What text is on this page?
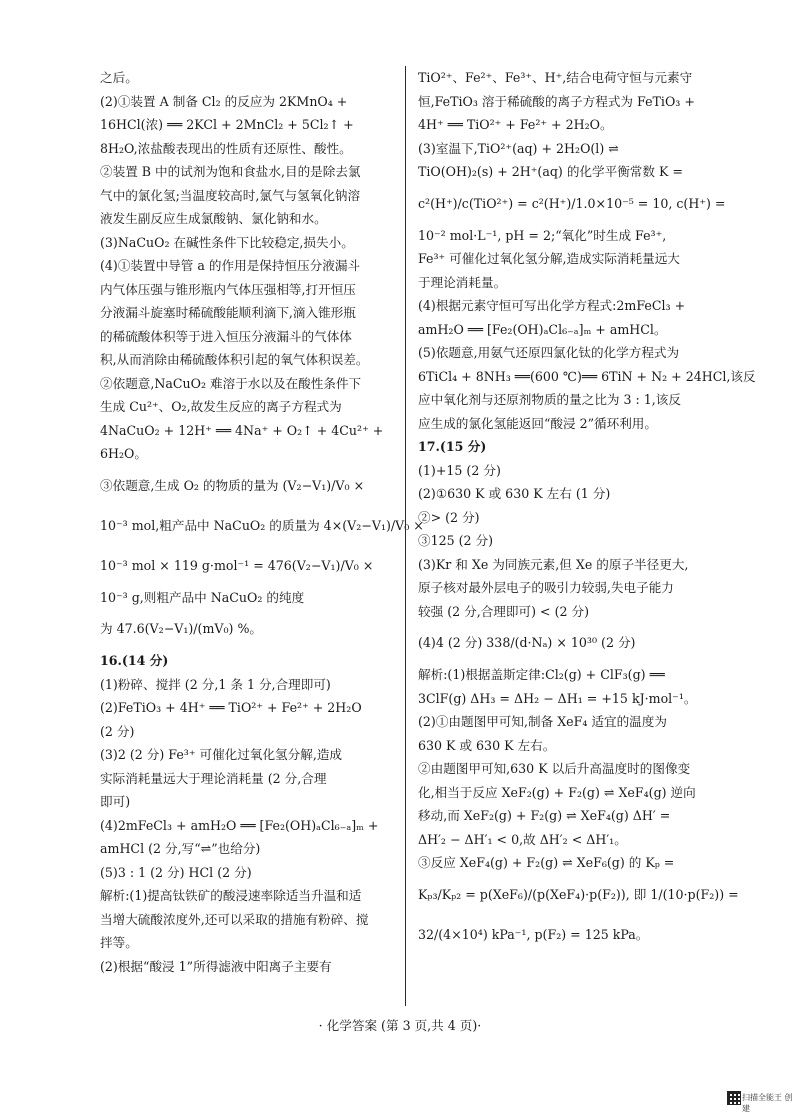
之后。
(2)①装置 A 制备 Cl₂ 的反应为 2KMnO₄ +
16HCl(浓) ══ 2KCl + 2MnCl₂ + 5Cl₂↑ +
8H₂O,浓盐酸表现出的性质有还原性、酸性。
②装置 B 中的试剂为饱和食盐水,目的是除去氯
气中的氯化氢;当温度较高时,氯气与氢氧化钠溶
液发生副反应生成氯酸钠、氯化钠和水。
(3)NaCuO₂ 在碱性条件下比较稳定,损失小。
(4)①装置中导管 a 的作用是保持恒压分液漏斗
内气体压强与锥形瓶内气体压强相等,打开恒压
分液漏斗旋塞时稀硫酸能顺利滴下,滴入锥形瓶
的稀硫酸体积等于进入恒压分液漏斗的气体体
积,从而消除由稀硫酸体积引起的氧气体积误差。
②依题意,NaCuO₂ 难溶于水以及在酸性条件下
生成 Cu²⁺、O₂,故发生反应的离子方程式为
4NaCuO₂ + 12H⁺ ══ 4Na⁺ + O₂↑ + 4Cu²⁺ +
6H₂O。
③依题意,生成 O₂ 的物质的量为 (V₂−V₁)/V₀ ×
10⁻³ mol,粗产品中 NaCuO₂ 的质量为 4×(V₂−V₁)/V₀ ×
10⁻³ mol × 119 g·mol⁻¹ = 476(V₂−V₁)/V₀ ×
10⁻³ g,则粗产品中 NaCuO₂ 的纯度
为 47.6(V₂−V₁)/(mV₀) %。
16.(14 分)
(1)粉碎、搅拌 (2 分,1 条 1 分,合理即可)
(2)FeTiO₃ + 4H⁺ ══ TiO²⁺ + Fe²⁺ + 2H₂O
(2 分)
(3)2 (2 分) Fe³⁺ 可催化过氧化氢分解,造成
实际消耗量远大于理论消耗量 (2 分,合理
即可)
(4)2mFeCl₃ + amH₂O ══ [Fe₂(OH)ₐCl₆₋ₐ]ₘ +
amHCl (2 分,写“⇌”也给分)
(5)3 : 1 (2 分) HCl (2 分)
解析:(1)提高钛铁矿的酸浸速率除适当升温和适
当增大硫酸浓度外,还可以采取的措施有粉碎、搅
拌等。
(2)根据“酸浸 1”所得滤液中阳离子主要有
TiO²⁺、Fe²⁺、Fe³⁺、H⁺,结合电荷守恒与元素守
恒,FeTiO₃ 溶于稀硫酸的离子方程式为 FeTiO₃ +
4H⁺ ══ TiO²⁺ + Fe²⁺ + 2H₂O。
(3)室温下,TiO²⁺(aq) + 2H₂O(l) ⇌
TiO(OH)₂(s) + 2H⁺(aq) 的化学平衡常数 K =
c²(H⁺)/c(TiO²⁺) = c²(H⁺)/1.0×10⁻⁵ = 10, c(H⁺) =
10⁻² mol·L⁻¹, pH = 2;“氧化”时生成 Fe³⁺,
Fe³⁺ 可催化过氧化氢分解,造成实际消耗量远大
于理论消耗量。
(4)根据元素守恒可写出化学方程式:2mFeCl₃ +
amH₂O ══ [Fe₂(OH)ₐCl₆₋ₐ]ₘ + amHCl。
(5)依题意,用氨气还原四氯化钛的化学方程式为
6TiCl₄ + 8NH₃ ══(600 ℃)══ 6TiN + N₂ + 24HCl,该反
应中氧化剂与还原剂物质的量之比为 3 : 1,该反
应生成的氯化氢能返回“酸浸 2”循环利用。
17.(15 分)
(1)+15 (2 分)
(2)①630 K 或 630 K 左右 (1 分)
②> (2 分)
③125 (2 分)
(3)Kr 和 Xe 为同族元素,但 Xe 的原子半径更大,
原子核对最外层电子的吸引力较弱,失电子能力
较强 (2 分,合理即可) < (2 分)
(4)4 (2 分) 338/(d·Nₐ) × 10³⁰ (2 分)
解析:(1)根据盖斯定律:Cl₂(g) + ClF₃(g) ══
3ClF(g) ΔH₃ = ΔH₂ − ΔH₁ = +15 kJ·mol⁻¹。
(2)①由题图甲可知,制备 XeF₄ 适宜的温度为
630 K 或 630 K 左右。
②由题图甲可知,630 K 以后升高温度时的图像变
化,相当于反应 XeF₂(g) + F₂(g) ⇌ XeF₄(g) 逆向
移动,而 XeF₂(g) + F₂(g) ⇌ XeF₄(g) ΔH′ =
ΔH′₂ − ΔH′₁ < 0,故 ΔH′₂ < ΔH′₁。
③反应 XeF₄(g) + F₂(g) ⇌ XeF₆(g) 的 Kₚ =
Kₚ₃/Kₚ₂ = p(XeF₆)/(p(XeF₄)·p(F₂)), 即 1/(10·p(F₂)) =
32/(4×10⁴) kPa⁻¹, p(F₂) = 125 kPa。
· 化学答案 (第 3 页,共 4 页)·
扫描全能王 创建
